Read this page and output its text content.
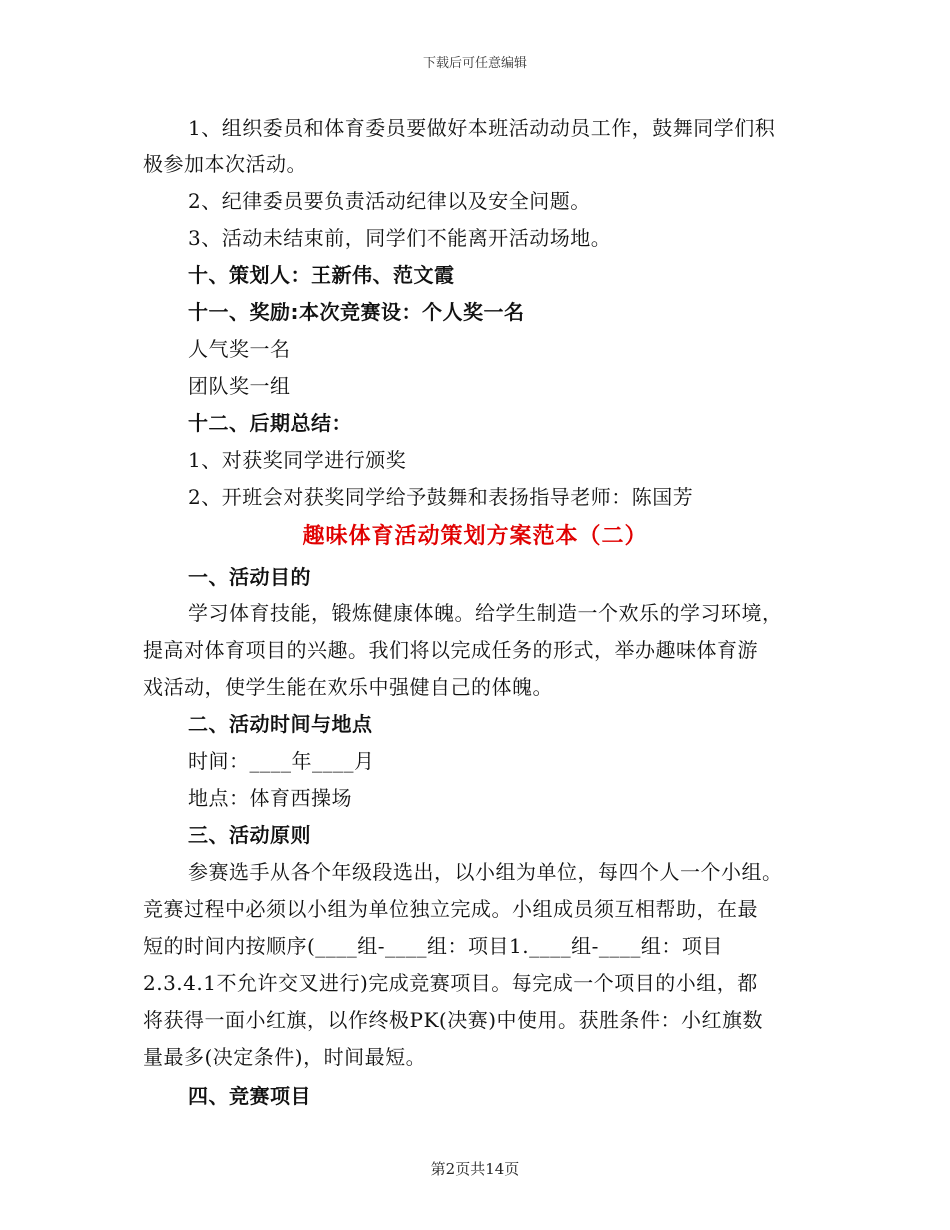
下载后可任意编辑
1、组织委员和体育委员要做好本班活动动员工作，鼓舞同学们积
极参加本次活动。
2、纪律委员要负责活动纪律以及安全问题。
3、活动未结束前，同学们不能离开活动场地。
十、策划人：王新伟、范文霞
十一、奖励:本次竞赛设：个人奖一名
人气奖一名
团队奖一组
十二、后期总结：
1、对获奖同学进行颁奖
2、开班会对获奖同学给予鼓舞和表扬指导老师：陈国芳
趣味体育活动策划方案范本（二）
一、活动目的
学习体育技能，锻炼健康体魄。给学生制造一个欢乐的学习环境，
提高对体育项目的兴趣。我们将以完成任务的形式，举办趣味体育游
戏活动，使学生能在欢乐中强健自己的体魄。
二、活动时间与地点
时间：____年____月
地点：体育西操场
三、活动原则
参赛选手从各个年级段选出，以小组为单位，每四个人一个小组。
竞赛过程中必须以小组为单位独立完成。小组成员须互相帮助，在最
短的时间内按顺序(____组-____组：项目1.____组-____组：项目
2.3.4.1不允许交叉进行)完成竞赛项目。每完成一个项目的小组，都
将获得一面小红旗，以作终极PK(决赛)中使用。获胜条件：小红旗数
量最多(决定条件)，时间最短。
四、竞赛项目
第2页共14页
